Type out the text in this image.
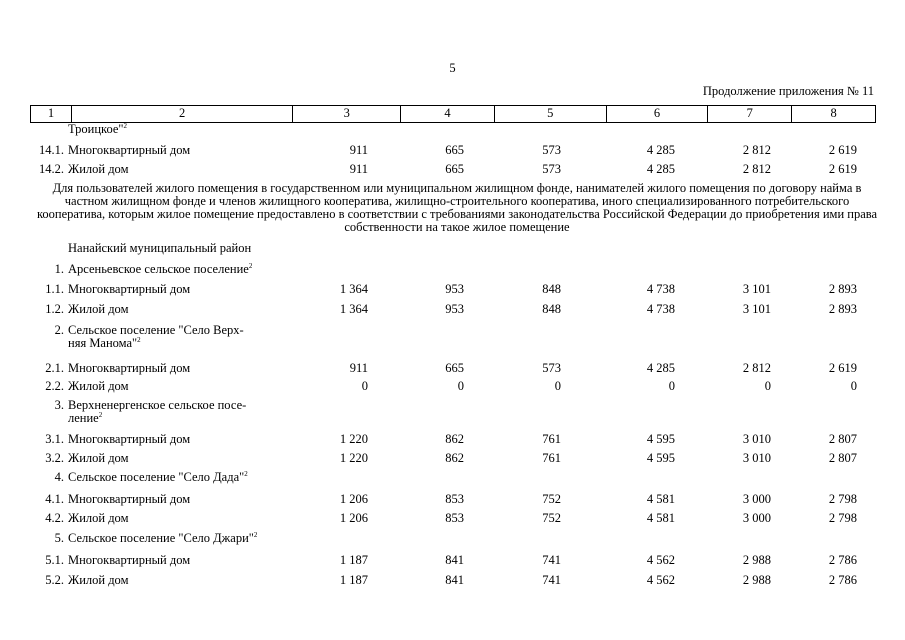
5
Продолжение приложения № 11
1	2	3	4	5	6	7	8
Троицкое"$^2$
14.1. Многоквартирный дом	911	665	573	4 285	2 812	2 619
14.2. Жилой дом	911	665	573	4 285	2 812	2 619
Для пользователей жилого помещения в государственном или муниципальном жилищном фонде, нанимателей жилого помещения по договору найма в частном жилищном фонде и членов жилищного кооператива, жилищно-строительного кооператива, иного специализированного потребительского кооператива, которым жилое помещение предоставлено в соответствии с требованиями законодательства Российской Федерации до приобретения ими права собственности на такое жилое помещение
Нанайский муниципальный район
1. Арсеньевское сельское поселение$^2$
1.1. Многоквартирный дом	1 364	953	848	4 738	3 101	2 893
1.2. Жилой дом	1 364	953	848	4 738	3 101	2 893
2. Сельское поселение "Село Верх-
няя Манома"$^2$
2.1. Многоквартирный дом	911	665	573	4 285	2 812	2 619
2.2. Жилой дом	0	0	0	0	0	0
3. Верхненергенское сельское посе-
ление$^2$
3.1. Многоквартирный дом	1 220	862	761	4 595	3 010	2 807
3.2. Жилой дом	1 220	862	761	4 595	3 010	2 807
4. Сельское поселение "Село Дада"$^2$
4.1. Многоквартирный дом	1 206	853	752	4 581	3 000	2 798
4.2. Жилой дом	1 206	853	752	4 581	3 000	2 798
5. Сельское поселение "Село Джари"$^2$
5.1. Многоквартирный дом	1 187	841	741	4 562	2 988	2 786
5.2. Жилой дом	1 187	841	741	4 562	2 988	2 786
